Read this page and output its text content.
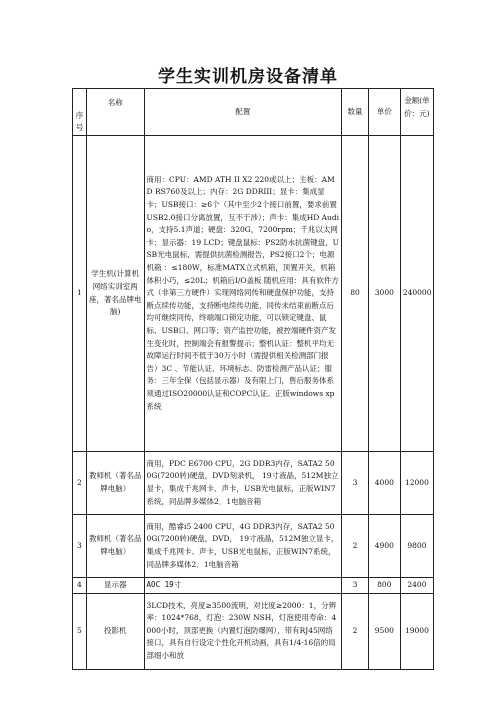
学生实训机房设备清单
序号	名称	配置	数量	单价	金额(单价：元)
1	学生机(计算机网络实训室两座，著名品牌电脑)	商用：CPU：AMD ATH II X2 220或以上；主板：AMD RS760及以上；内存：2G DDRIII；显卡：集成显卡；USB接口：≥6个（其中至少2个接口前置，要求前置USB2.0接口分离放置，互不干涉）；声卡：集成HD Audio，支持5.1声道；硬盘：320G，7200rpm；千兆以太网卡；显示器：19 LCD；键盘鼠标：PS2防水抗菌键盘，USB光电鼠标，需提供抗菌检测报告，PS2接口2个；电源机箱 ：≤180W，标准MATX立式机箱，顶置开关，机箱体积小巧，≤20L；机箱后I/O盖板 随机应用：具有软件方式（非第三方硬件）实现网络同传和硬盘保护功能，支持断点续传功能，支持断电续传功能、同传未结束前断点后均可继续同传，终端端口锁定功能，可以锁定键盘、鼠标、USB口、网口等；资产监控功能，被控端硬件资产发生变化时，控制端会有报警提示；整机认证：整机平均无故障运行时间不低于30万小时（需提供相关检测部门报告）3C 、节能认证、环境标志、防雷检测产品认证；服务：三年全保（包括显示器）及有限上门，售后服务体系须通过ISO20000认证和COPC认证。正版windows xp系统	80	3000	240000
2	教师机（著名品牌电脑）	商用，PDC E6700 CPU，2G DDR3内存，SATA2 500G(7200转)硬盘，DVD刻录机， 19寸液晶，512M独立显卡，集成千兆网卡、声卡，USB光电鼠标，正版WIN7系统，同品牌多媒体2．1电脑音箱	3	4000	12000
3	教师机（著名品牌电脑）	商用，酷睿i5 2400 CPU，4G DDR3内存，SATA2 500G(7200转)硬盘，DVD， 19寸液晶，512M独立显卡，集成千兆网卡、声卡，USB光电鼠标，正版WIN7系统，同品牌多媒体2．1电脑音箱	2	4900	9800
4	显示器	AOC 19寸	3	800	2400
5	投影机	3LCD技术，亮度≥3500流明，对比度≥2000：1，分辨率：1024*768，灯泡：230W NSH，灯泡使用寿命：4000小时，顶部更换（内置灯泡防爆网），带有RJ45网络接口，具有自行设定个性化开机动画，具有1/4-16倍的局部细小和放	2	9500	19000
